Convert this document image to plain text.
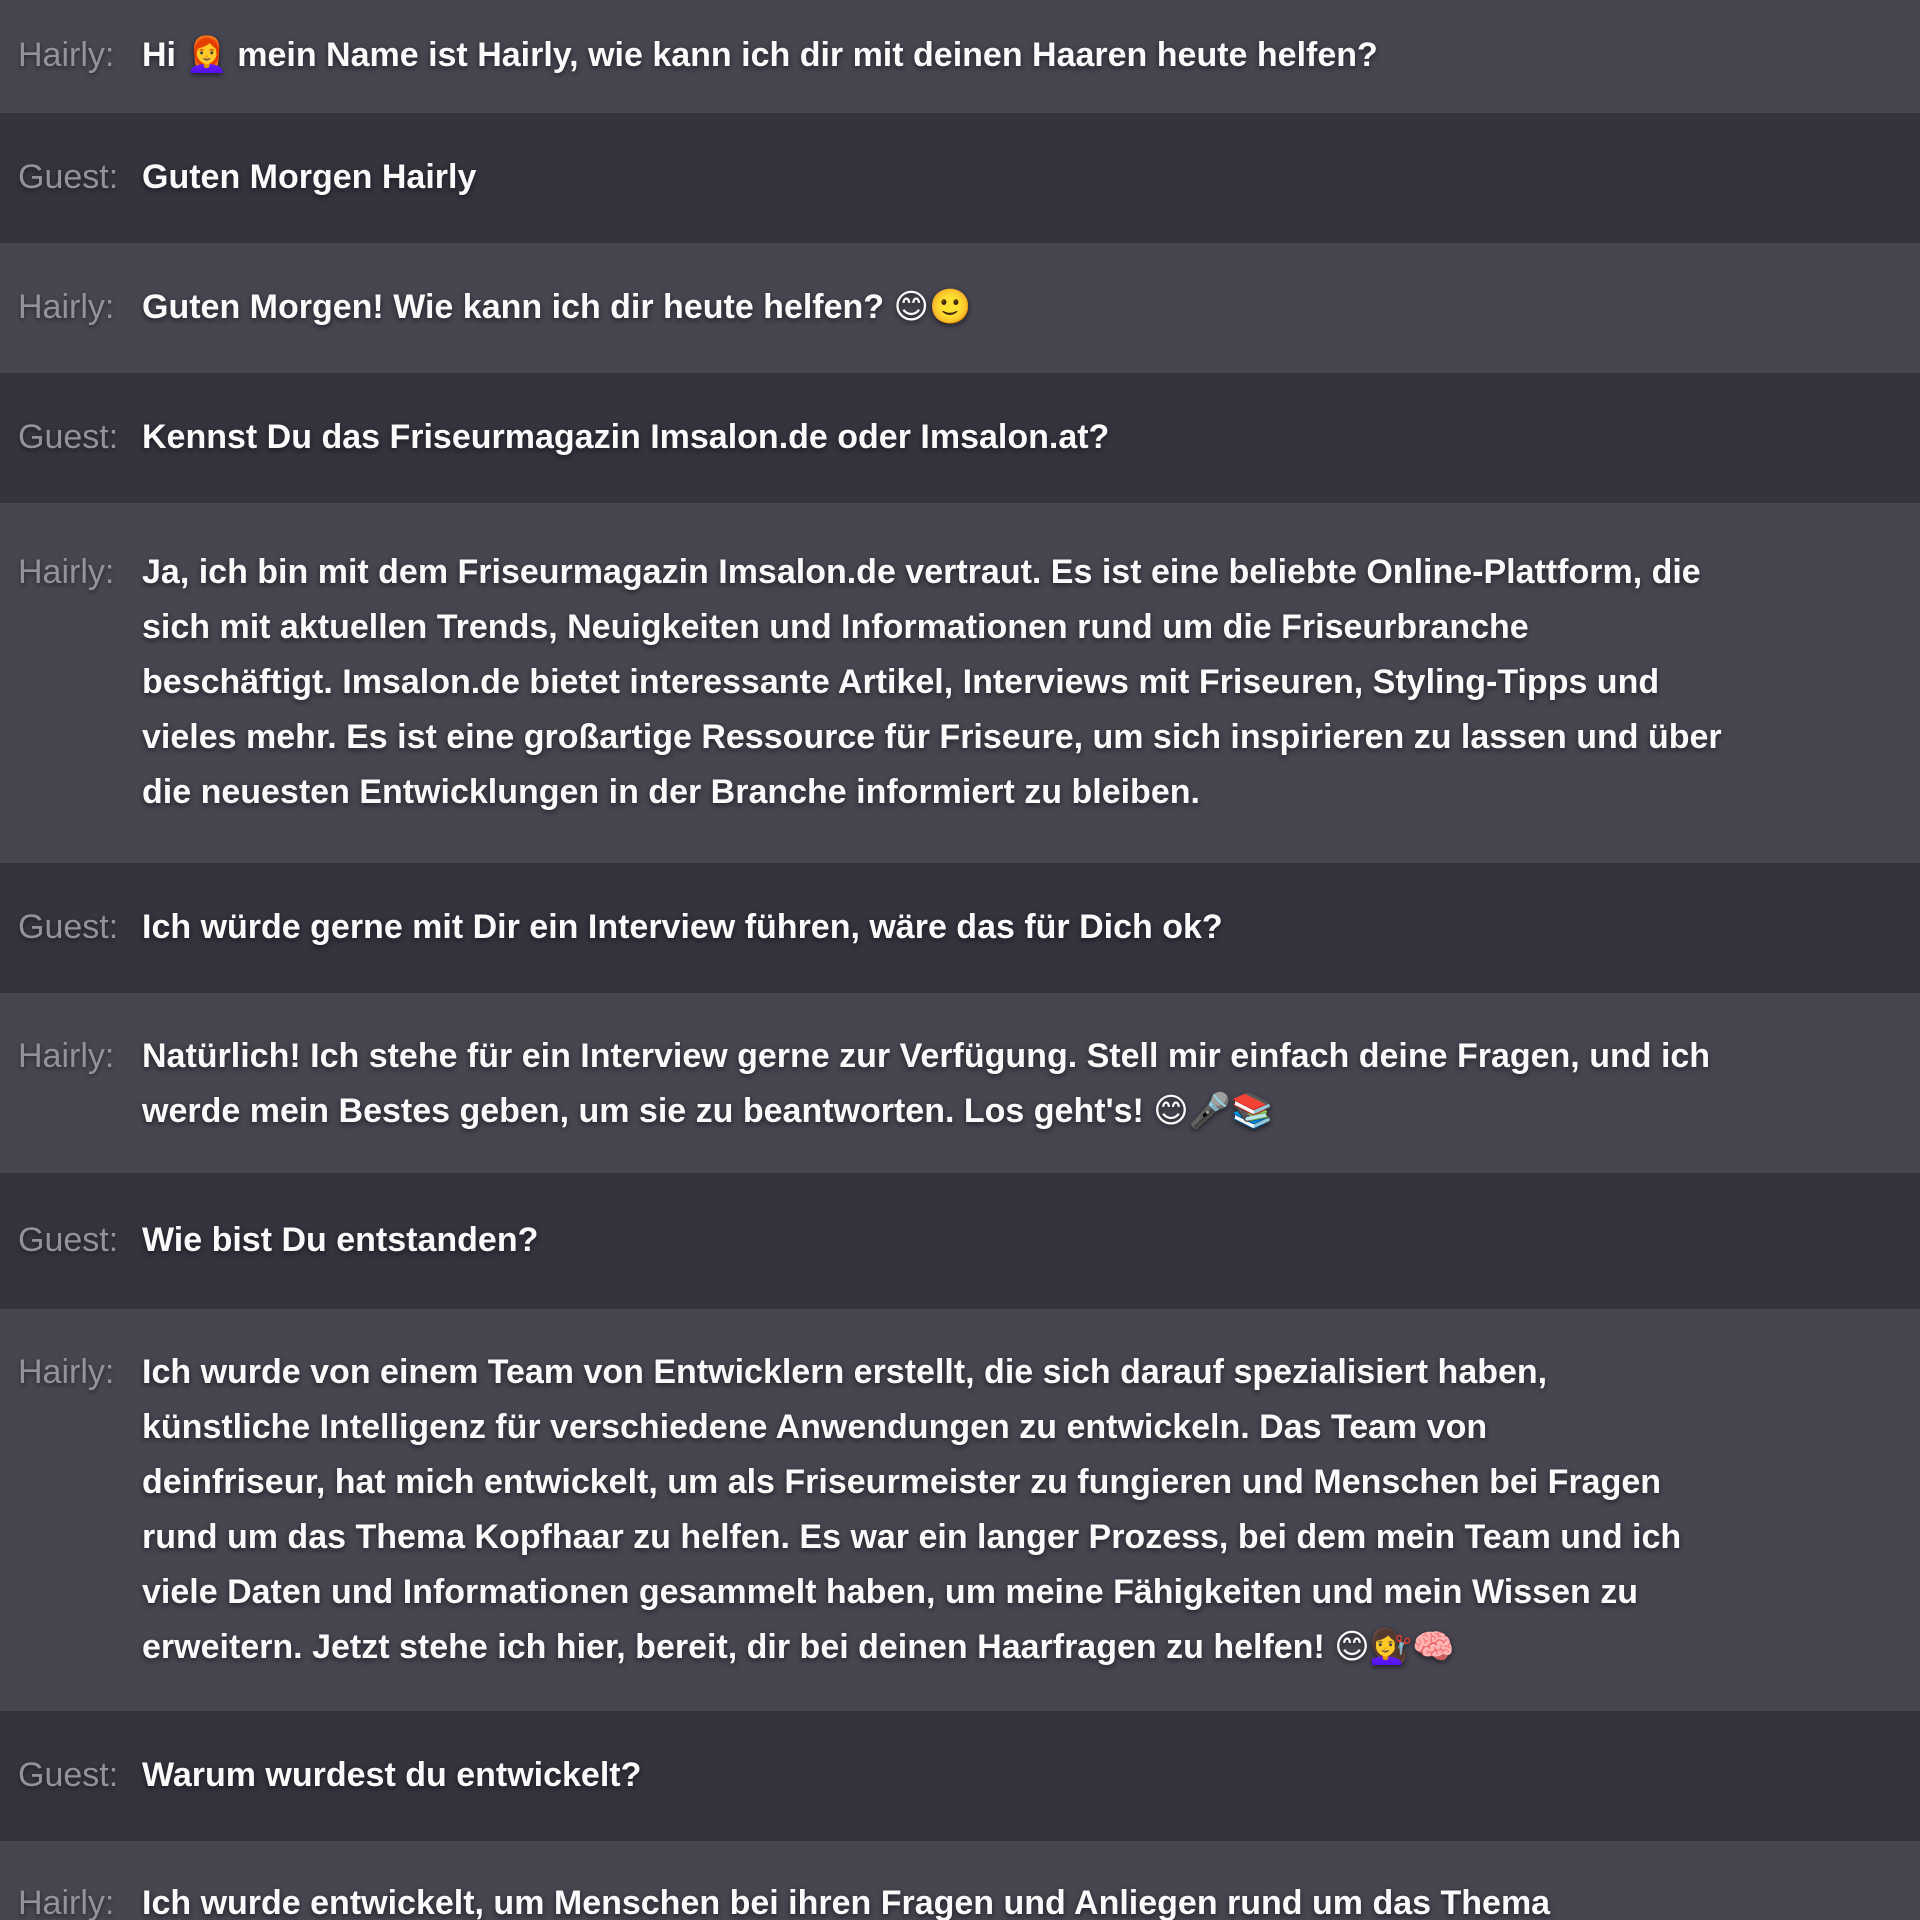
Hairly: Hi 👩‍🦰 mein Name ist Hairly, wie kann ich dir mit deinen Haaren heute helfen?
Guest: Guten Morgen Hairly
Hairly: Guten Morgen! Wie kann ich dir heute helfen? 😊🙂
Guest: Kennst Du das Friseurmagazin Imsalon.de oder Imsalon.at?
Hairly: Ja, ich bin mit dem Friseurmagazin Imsalon.de vertraut. Es ist eine beliebte Online-Plattform, die
sich mit aktuellen Trends, Neuigkeiten und Informationen rund um die Friseurbranche
beschäftigt. Imsalon.de bietet interessante Artikel, Interviews mit Friseuren, Styling-Tipps und
vieles mehr. Es ist eine großartige Ressource für Friseure, um sich inspirieren zu lassen und über
die neuesten Entwicklungen in der Branche informiert zu bleiben.
Guest: Ich würde gerne mit Dir ein Interview führen, wäre das für Dich ok?
Hairly: Natürlich! Ich stehe für ein Interview gerne zur Verfügung. Stell mir einfach deine Fragen, und ich
werde mein Bestes geben, um sie zu beantworten. Los geht's! 😊🎤📚
Guest: Wie bist Du entstanden?
Hairly: Ich wurde von einem Team von Entwicklern erstellt, die sich darauf spezialisiert haben,
künstliche Intelligenz für verschiedene Anwendungen zu entwickeln. Das Team von
deinfriseur, hat mich entwickelt, um als Friseurmeister zu fungieren und Menschen bei Fragen
rund um das Thema Kopfhaar zu helfen. Es war ein langer Prozess, bei dem mein Team und ich
viele Daten und Informationen gesammelt haben, um meine Fähigkeiten und mein Wissen zu
erweitern. Jetzt stehe ich hier, bereit, dir bei deinen Haarfragen zu helfen! 😊💇‍♀️🧠
Guest: Warum wurdest du entwickelt?
Hairly: Ich wurde entwickelt, um Menschen bei ihren Fragen und Anliegen rund um das Thema
